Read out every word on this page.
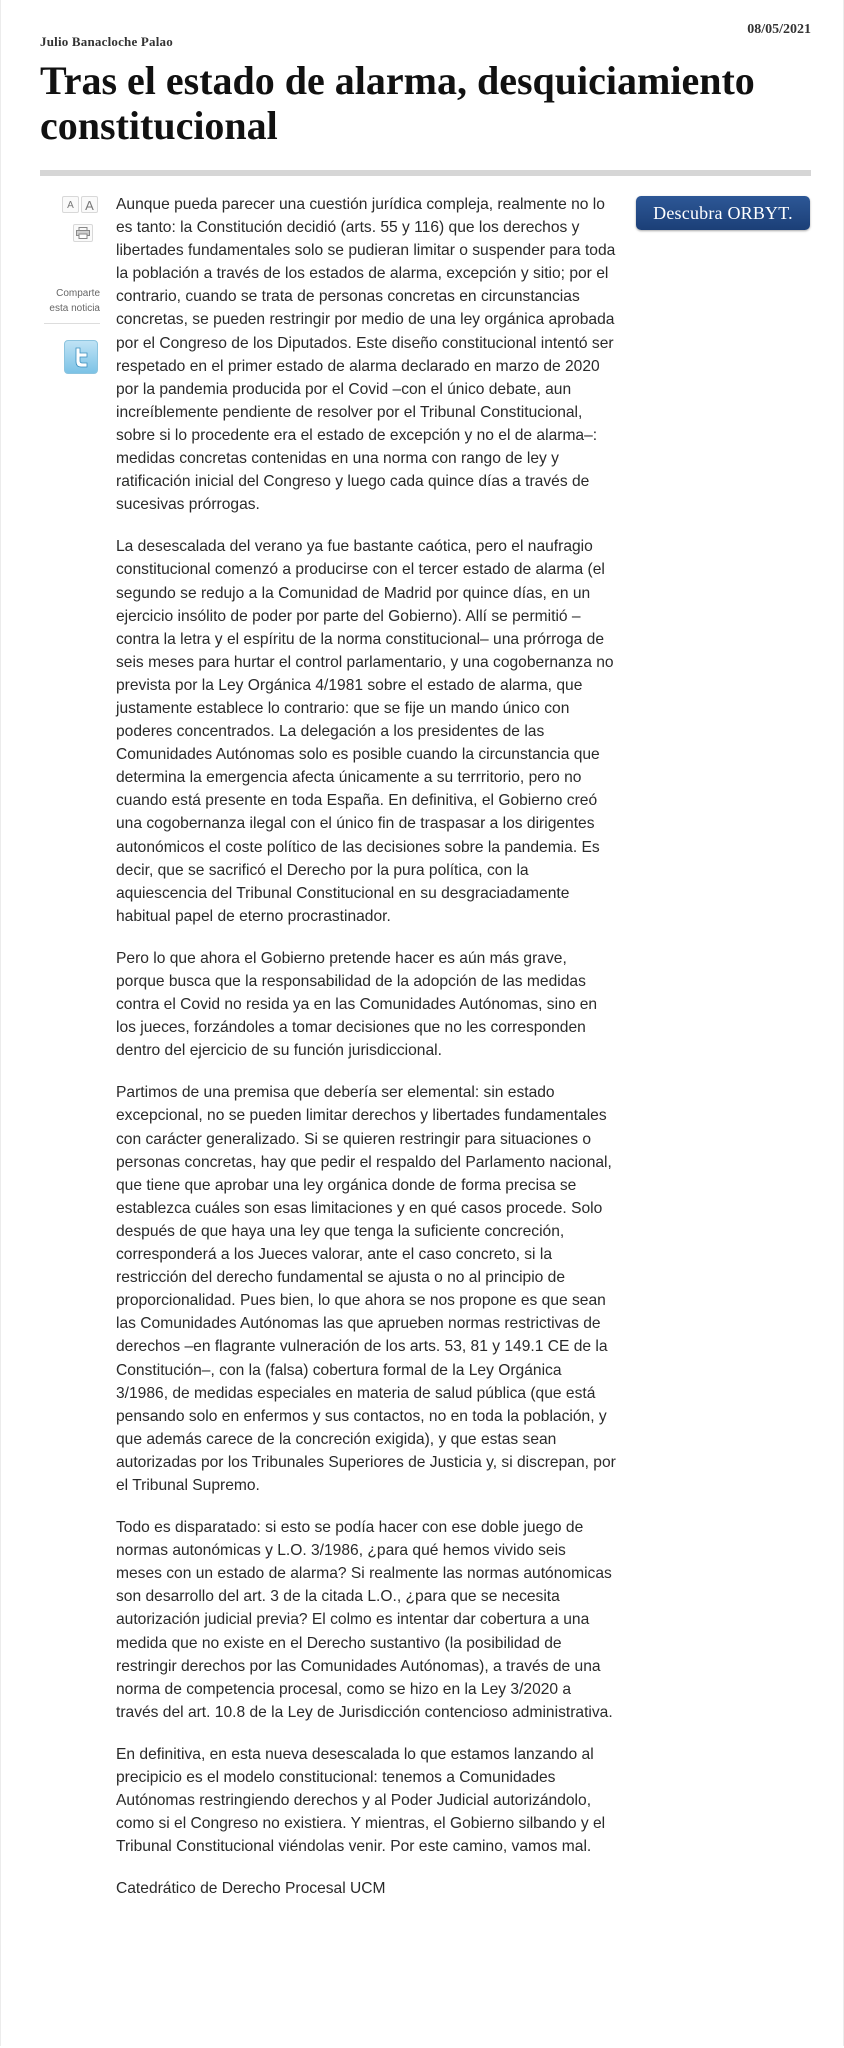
Julio Banacloche Palao
08/05/2021
Tras el estado de alarma, desquiciamiento constitucional
A A
Comparte
esta noticia

Aunque pueda parecer una cuestión jurídica compleja, realmente no lo es tanto: la Constitución decidió (arts. 55 y 116) que los derechos y libertades fundamentales solo se pudieran limitar o suspender para toda la población a través de los estados de alarma, excepción y sitio; por el contrario, cuando se trata de personas concretas en circunstancias concretas, se pueden restringir por medio de una ley orgánica aprobada por el Congreso de los Diputados. Este diseño constitucional intentó ser respetado en el primer estado de alarma declarado en marzo de 2020 por la pandemia producida por el Covid –con el único debate, aun increíblemente pendiente de resolver por el Tribunal Constitucional, sobre si lo procedente era el estado de excepción y no el de alarma–: medidas concretas contenidas en una norma con rango de ley y ratificación inicial del Congreso y luego cada quince días a través de sucesivas prórrogas.

La desescalada del verano ya fue bastante caótica, pero el naufragio constitucional comenzó a producirse con el tercer estado de alarma (el segundo se redujo a la Comunidad de Madrid por quince días, en un ejercicio insólito de poder por parte del Gobierno). Allí se permitió –contra la letra y el espíritu de la norma constitucional– una prórroga de seis meses para hurtar el control parlamentario, y una cogobernanza no prevista por la Ley Orgánica 4/1981 sobre el estado de alarma, que justamente establece lo contrario: que se fije un mando único con poderes concentrados. La delegación a los presidentes de las Comunidades Autónomas solo es posible cuando la circunstancia que determina la emergencia afecta únicamente a su terrritorio, pero no cuando está presente en toda España. En definitiva, el Gobierno creó una cogobernanza ilegal con el único fin de traspasar a los dirigentes autonómicos el coste político de las decisiones sobre la pandemia. Es decir, que se sacrificó el Derecho por la pura política, con la aquiescencia del Tribunal Constitucional en su desgraciadamente habitual papel de eterno procrastinador.

Pero lo que ahora el Gobierno pretende hacer es aún más grave, porque busca que la responsabilidad de la adopción de las medidas contra el Covid no resida ya en las Comunidades Autónomas, sino en los jueces, forzándoles a tomar decisiones que no les corresponden dentro del ejercicio de su función jurisdiccional.

Partimos de una premisa que debería ser elemental: sin estado excepcional, no se pueden limitar derechos y libertades fundamentales con carácter generalizado. Si se quieren restringir para situaciones o personas concretas, hay que pedir el respaldo del Parlamento nacional, que tiene que aprobar una ley orgánica donde de forma precisa se establezca cuáles son esas limitaciones y en qué casos procede. Solo después de que haya una ley que tenga la suficiente concreción, corresponderá a los Jueces valorar, ante el caso concreto, si la restricción del derecho fundamental se ajusta o no al principio de proporcionalidad. Pues bien, lo que ahora se nos propone es que sean las Comunidades Autónomas las que aprueben normas restrictivas de derechos –en flagrante vulneración de los arts. 53, 81 y 149.1 CE de la Constitución–, con la (falsa) cobertura formal de la Ley Orgánica 3/1986, de medidas especiales en materia de salud pública (que está pensando solo en enfermos y sus contactos, no en toda la población, y que además carece de la concreción exigida), y que estas sean autorizadas por los Tribunales Superiores de Justicia y, si discrepan, por el Tribunal Supremo.

Todo es disparatado: si esto se podía hacer con ese doble juego de normas autonómicas y L.O. 3/1986, ¿para qué hemos vivido seis meses con un estado de alarma? Si realmente las normas autónomicas son desarrollo del art. 3 de la citada L.O., ¿para que se necesita autorización judicial previa? El colmo es intentar dar cobertura a una medida que no existe en el Derecho sustantivo (la posibilidad de restringir derechos por las Comunidades Autónomas), a través de una norma de competencia procesal, como se hizo en la Ley 3/2020 a través del art. 10.8 de la Ley de Jurisdicción contencioso administrativa.

En definitiva, en esta nueva desescalada lo que estamos lanzando al precipicio es el modelo constitucional: tenemos a Comunidades Autónomas restringiendo derechos y al Poder Judicial autorizándolo, como si el Congreso no existiera. Y mientras, el Gobierno silbando y el Tribunal Constitucional viéndolas venir. Por este camino, vamos mal.

Catedrático de Derecho Procesal UCM

Descubra ORBYT.
